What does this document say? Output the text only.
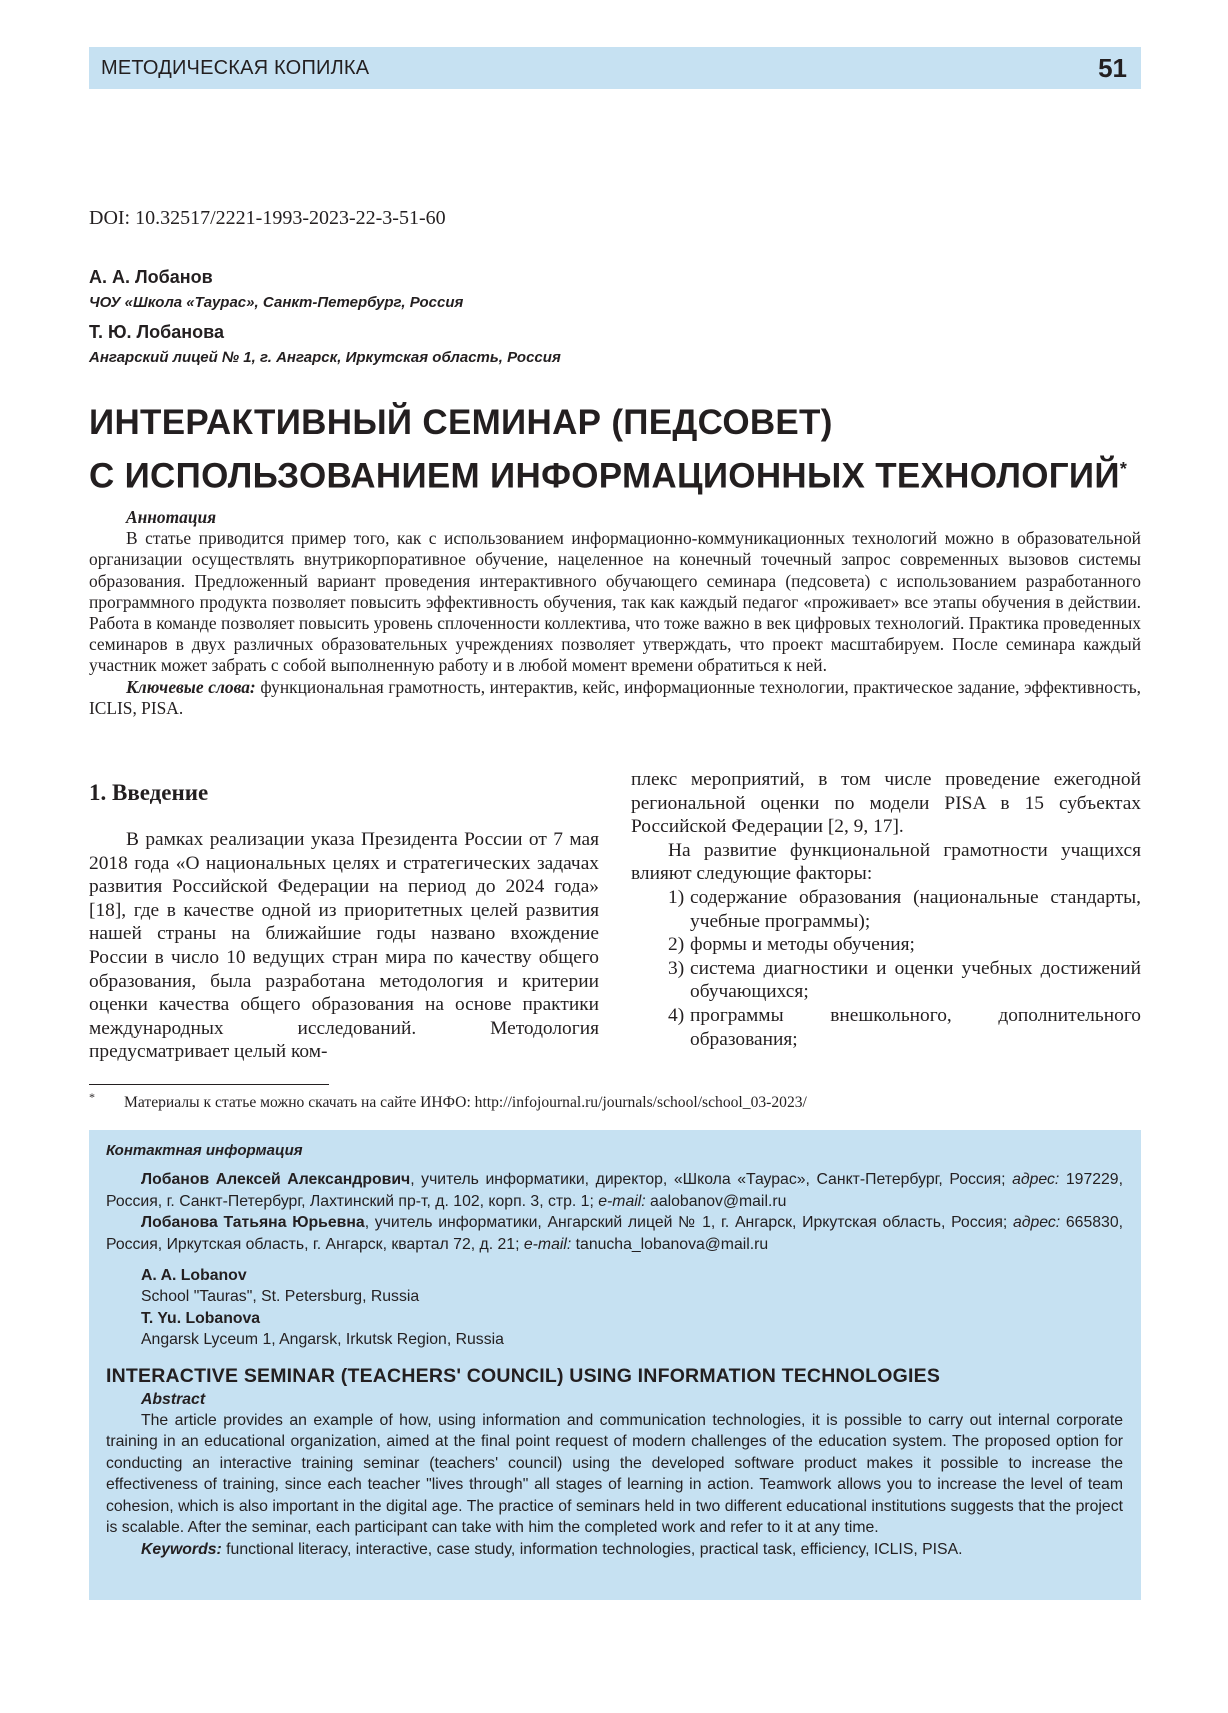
МЕТОДИЧЕСКАЯ КОПИЛКА	51
DOI: 10.32517/2221-1993-2023-22-3-51-60
А. А. Лобанов
ЧОУ «Школа «Таурас», Санкт-Петербург, Россия
Т. Ю. Лобанова
Ангарский лицей № 1, г. Ангарск, Иркутская область, Россия
ИНТЕРАКТИВНЫЙ СЕМИНАР (ПЕДСОВЕТ)
С ИСПОЛЬЗОВАНИЕМ ИНФОРМАЦИОННЫХ ТЕХНОЛОГИЙ*
Аннотация

В статье приводится пример того, как с использованием информационно-коммуникационных технологий можно в образовательной организации осуществлять внутрикорпоративное обучение, нацеленное на конечный точечный запрос современных вызовов системы образования. Предложенный вариант проведения интерактивного обучающего семинара (педсовета) с использованием разработанного программного продукта позволяет повысить эффективность обучения, так как каждый педагог «проживает» все этапы обучения в действии. Работа в команде позволяет повысить уровень сплоченности коллектива, что тоже важно в век цифровых технологий. Практика проведенных семинаров в двух различных образовательных учреждениях позволяет утверждать, что проект масштабируем. После семинара каждый участник может забрать с собой выполненную работу и в любой момент времени обратиться к ней.

Ключевые слова: функциональная грамотность, интерактив, кейс, информационные технологии, практическое задание, эффективность, ICLIS, PISA.

1. Введение

В рамках реализации указа Президента России от 7 мая 2018 года «О национальных целях и стратегических задачах развития Российской Федерации на период до 2024 года» [18], где в качестве одной из приоритетных целей развития нашей страны на ближайшие годы названо вхождение России в число 10 ведущих стран мира по качеству общего образования, была разработана методология и критерии оценки качества общего образования на основе практики международных исследований. Методология предусматривает целый ком-

плекс мероприятий, в том числе проведение ежегодной региональной оценки по модели PISA в 15 субъектах Российской Федерации [2, 9, 17].

На развитие функциональной грамотности учащихся влияют следующие факторы:

1) содержание образования (национальные стандарты, учебные программы);
2) формы и методы обучения;
3) система диагностики и оценки учебных достижений обучающихся;
4) программы внешкольного, дополнительного образования;
* Материалы к статье можно скачать на сайте ИНФО: http://infojournal.ru/journals/school/school_03-2023/
Контактная информация

Лобанов Алексей Александрович, учитель информатики, директор, «Школа «Таурас», Санкт-Петербург, Россия; адрес: 197229, Россия, г. Санкт-Петербург, Лахтинский пр-т, д. 102, корп. 3, стр. 1; e-mail: aalobanov@mail.ru

Лобанова Татьяна Юрьевна, учитель информатики, Ангарский лицей № 1, г. Ангарск, Иркутская область, Россия; адрес: 665830, Россия, Иркутская область, г. Ангарск, квартал 72, д. 21; e-mail: tanucha_lobanova@mail.ru

A. A. Lobanov
School "Tauras", St. Petersburg, Russia
T. Yu. Lobanova
Angarsk Lyceum 1, Angarsk, Irkutsk Region, Russia
INTERACTIVE SEMINAR (TEACHERS' COUNCIL) USING INFORMATION TECHNOLOGIES
Abstract

The article provides an example of how, using information and communication technologies, it is possible to carry out internal corporate training in an educational organization, aimed at the final point request of modern challenges of the education system. The proposed option for conducting an interactive training seminar (teachers' council) using the developed software product makes it possible to increase the effectiveness of training, since each teacher "lives through" all stages of learning in action. Teamwork allows you to increase the level of team cohesion, which is also important in the digital age. The practice of seminars held in two different educational institutions suggests that the project is scalable. After the seminar, each participant can take with him the completed work and refer to it at any time.

Keywords: functional literacy, interactive, case study, information technologies, practical task, efficiency, ICLIS, PISA.
